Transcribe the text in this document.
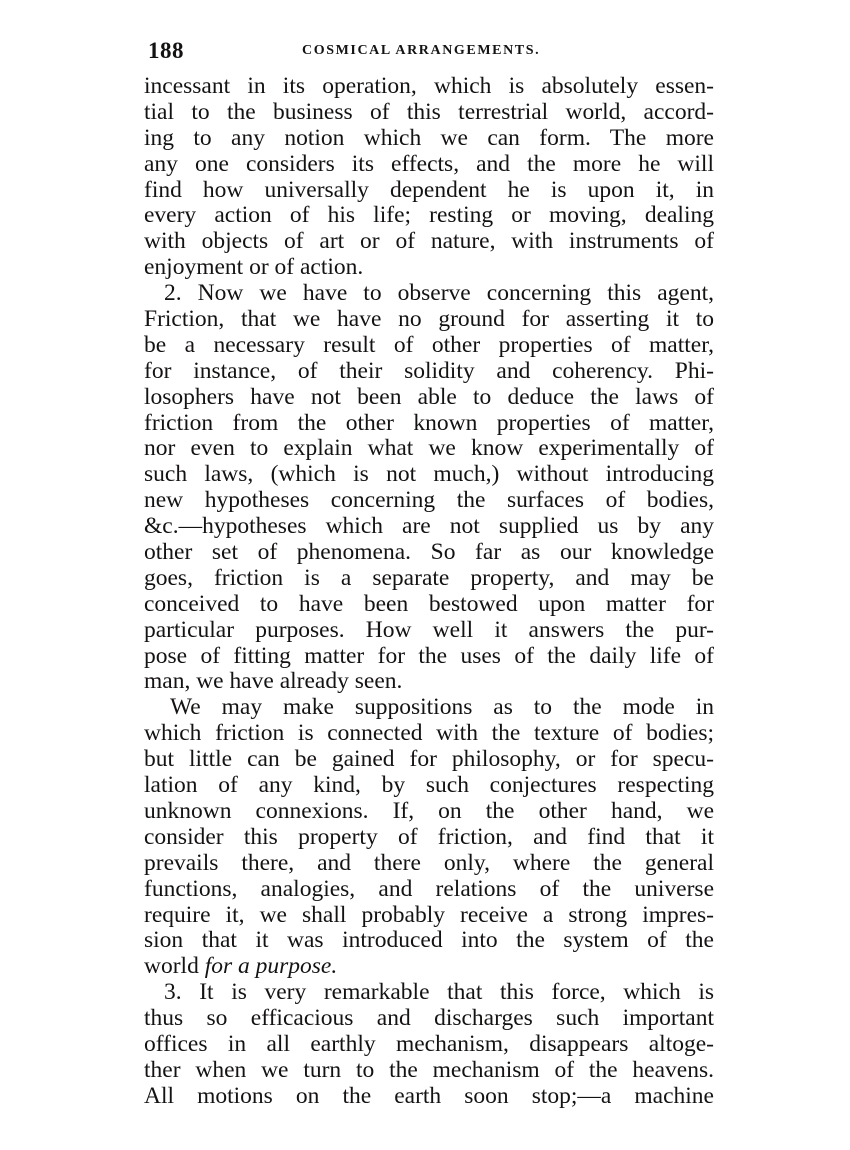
188	COSMICAL ARRANGEMENTS.
incessant in its operation, which is absolutely essen-
tial to the business of this terrestrial world, accord-
ing to any notion which we can form. The more
any one considers its effects, and the more he will
find how universally dependent he is upon it, in
every action of his life; resting or moving, dealing
with objects of art or of nature, with instruments of
enjoyment or of action.
2. Now we have to observe concerning this agent,
Friction, that we have no ground for asserting it to
be a necessary result of other properties of matter,
for instance, of their solidity and coherency. Phi-
losophers have not been able to deduce the laws of
friction from the other known properties of matter,
nor even to explain what we know experimentally of
such laws, (which is not much,) without introducing
new hypotheses concerning the surfaces of bodies,
&c.—hypotheses which are not supplied us by any
other set of phenomena. So far as our knowledge
goes, friction is a separate property, and may be
conceived to have been bestowed upon matter for
particular purposes. How well it answers the pur-
pose of fitting matter for the uses of the daily life of
man, we have already seen.
We may make suppositions as to the mode in
which friction is connected with the texture of bodies;
but little can be gained for philosophy, or for specu-
lation of any kind, by such conjectures respecting
unknown connexions. If, on the other hand, we
consider this property of friction, and find that it
prevails there, and there only, where the general
functions, analogies, and relations of the universe
require it, we shall probably receive a strong impres-
sion that it was introduced into the system of the
world for a purpose.
3. It is very remarkable that this force, which is
thus so efficacious and discharges such important
offices in all earthly mechanism, disappears altoge-
ther when we turn to the mechanism of the heavens.
All motions on the earth soon stop;—a machine
